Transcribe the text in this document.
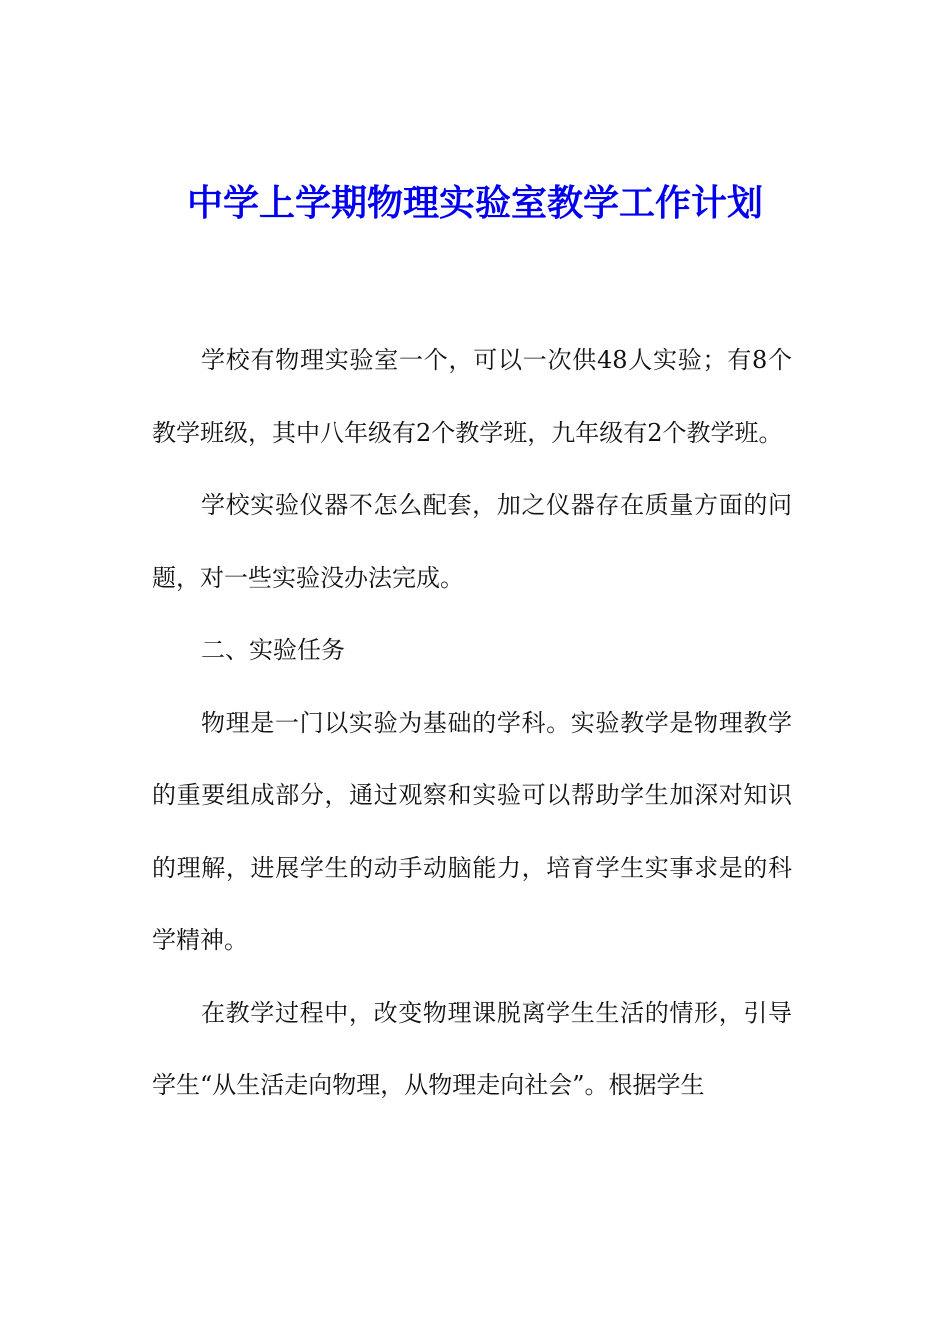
中学上学期物理实验室教学工作计划

学校有物理实验室一个，可以一次供48人实验；有8个教学班级，其中八年级有2个教学班，九年级有2个教学班。

学校实验仪器不怎么配套，加之仪器存在质量方面的问题，对一些实验没办法完成。

二、实验任务

物理是一门以实验为基础的学科。实验教学是物理教学的重要组成部分，通过观察和实验可以帮助学生加深对知识的理解，进展学生的动手动脑能力，培育学生实事求是的科学精神。

在教学过程中，改变物理课脱离学生生活的情形，引导学生“从生活走向物理，从物理走向社会”。根据学生
